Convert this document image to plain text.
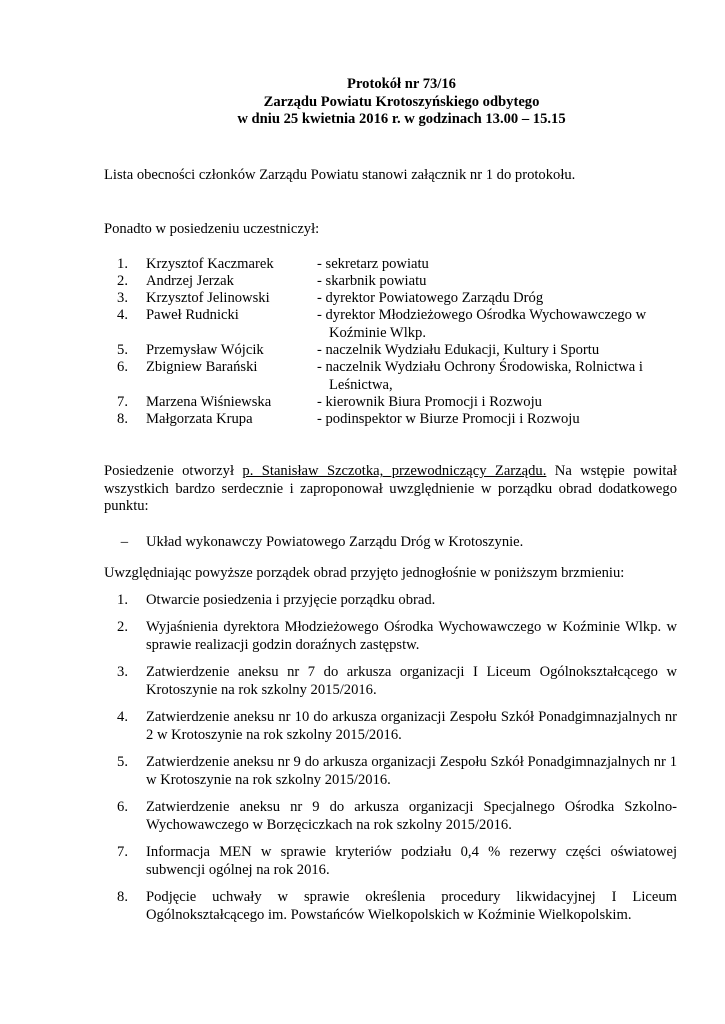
Protokół nr 73/16
Zarządu Powiatu Krotoszyńskiego odbytego
w dniu 25 kwietnia 2016 r. w godzinach 13.00 – 15.15

Lista obecności członków Zarządu Powiatu stanowi załącznik nr 1 do protokołu.

Ponadto w posiedzeniu uczestniczył:

1.	Krzysztof Kaczmarek	- sekretarz powiatu
2.	Andrzej Jerzak	- skarbnik powiatu
3.	Krzysztof Jelinowski	- dyrektor Powiatowego Zarządu Dróg
4.	Paweł Rudnicki	- dyrektor Młodzieżowego Ośrodka Wychowawczego w
Koźminie Wlkp.
5.	Przemysław Wójcik	- naczelnik Wydziału Edukacji, Kultury i Sportu
6.	Zbigniew Barański	- naczelnik Wydziału Ochrony Środowiska, Rolnictwa i
Leśnictwa,
7.	Marzena Wiśniewska	- kierownik Biura Promocji i Rozwoju
8.	Małgorzata Krupa	- podinspektor w Biurze Promocji i Rozwoju

Posiedzenie otworzył p. Stanisław Szczotka, przewodniczący Zarządu. Na wstępie powitał wszystkich bardzo serdecznie i zaproponował uwzględnienie w porządku obrad dodatkowego punktu:

–	Układ wykonawczy Powiatowego Zarządu Dróg w Krotoszynie.

Uwzględniając powyższe porządek obrad przyjęto jednogłośnie w poniższym brzmieniu:

1.	Otwarcie posiedzenia i przyjęcie porządku obrad.
2.	Wyjaśnienia dyrektora Młodzieżowego Ośrodka Wychowawczego w Koźminie Wlkp. w sprawie realizacji godzin doraźnych zastępstw.
3.	Zatwierdzenie aneksu nr 7 do arkusza organizacji I Liceum Ogólnokształcącego w Krotoszynie na rok szkolny 2015/2016.
4.	Zatwierdzenie aneksu nr 10 do arkusza organizacji Zespołu Szkół Ponadgimnazjalnych nr 2 w Krotoszynie na rok szkolny 2015/2016.
5.	Zatwierdzenie aneksu nr 9 do arkusza organizacji Zespołu Szkół Ponadgimnazjalnych nr 1 w Krotoszynie na rok szkolny 2015/2016.
6.	Zatwierdzenie aneksu nr 9 do arkusza organizacji Specjalnego Ośrodka Szkolno-Wychowawczego w Borzęciczkach na rok szkolny 2015/2016.
7.	Informacja MEN w sprawie kryteriów podziału 0,4 % rezerwy części oświatowej subwencji ogólnej na rok 2016.
8.	Podjęcie uchwały w sprawie określenia procedury likwidacyjnej I Liceum Ogólnokształcącego im. Powstańców Wielkopolskich w Koźminie Wielkopolskim.
